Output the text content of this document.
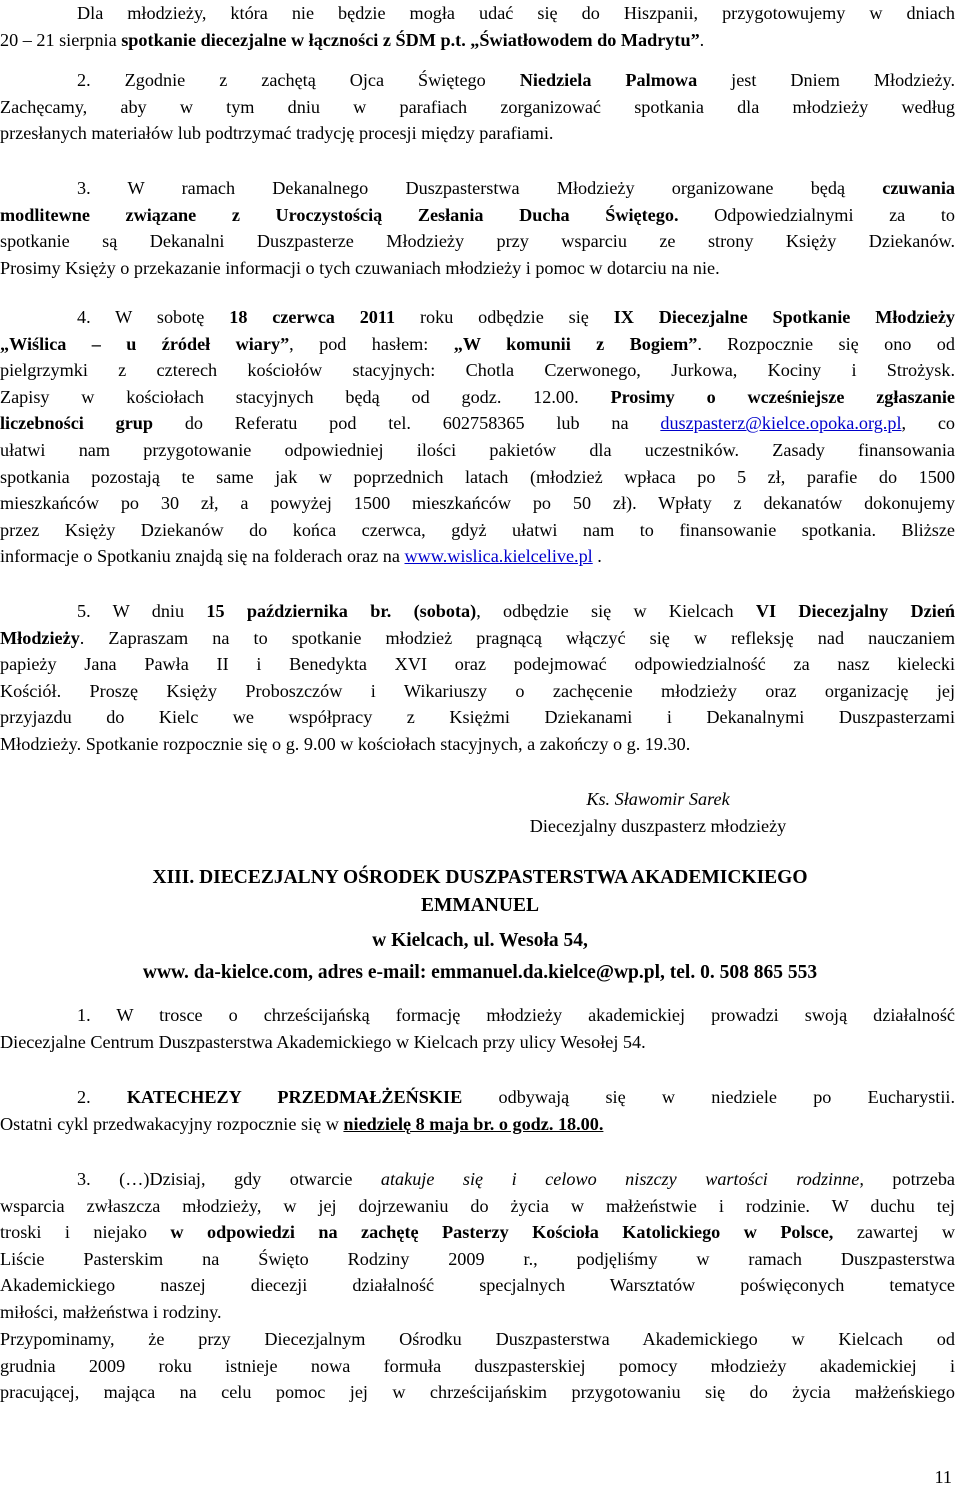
Dla młodzieży, która nie będzie mogła udać się do Hiszpanii, przygotowujemy w dniach
20 – 21 sierpnia spotkanie diecezjalne w łączności z ŚDM p.t. „Światłowodem do Madrytu”.
2. Zgodnie z zachętą Ojca Świętego Niedziela Palmowa jest Dniem Młodzieży.
Zachęcamy, aby w tym dniu w parafiach zorganizować spotkania dla młodzieży według
przesłanych materiałów lub podtrzymać tradycję procesji między parafiami.
3. W ramach Dekanalnego Duszpasterstwa Młodzieży organizowane będą czuwania
modlitewne związane z Uroczystością Zesłania Ducha Świętego. Odpowiedzialnymi za to
spotkanie są Dekanalni Duszpasterze Młodzieży przy wsparciu ze strony Księży Dziekanów.
Prosimy Księży o przekazanie informacji o tych czuwaniach młodzieży i pomoc w dotarciu na nie.
4. W sobotę 18 czerwca 2011 roku odbędzie się IX Diecezjalne Spotkanie Młodzieży
„Wiślica – u źródeł wiary”, pod hasłem: „W komunii z Bogiem”. Rozpocznie się ono od
pielgrzymki z czterech kościołów stacyjnych: Chotla Czerwonego, Jurkowa, Kociny i Strożysk.
Zapisy w kościołach stacyjnych będą od godz. 12.00. Prosimy o wcześniejsze zgłaszanie
liczebności grup do Referatu pod tel. 602758365 lub na duszpasterz@kielce.opoka.org.pl, co
ułatwi nam przygotowanie odpowiedniej ilości pakietów dla uczestników. Zasady finansowania
spotkania pozostają te same jak w poprzednich latach (młodzież wpłaca po 5 zł, parafie do 1500
mieszkańców po 30 zł, a powyżej 1500 mieszkańców po 50 zł). Wpłaty z dekanatów dokonujemy
przez Księży Dziekanów do końca czerwca, gdyż ułatwi nam to finansowanie spotkania. Bliższe
informacje o Spotkaniu znajdą się na folderach oraz na www.wislica.kielcelive.pl .
5. W dniu 15 października br. (sobota), odbędzie się w Kielcach VI Diecezjalny Dzień
Młodzieży. Zapraszam na to spotkanie młodzież pragnącą włączyć się w refleksję nad nauczaniem
papieży Jana Pawła II i Benedykta XVI oraz podejmować odpowiedzialność za nasz kielecki
Kościół. Proszę Księży Proboszczów i Wikariuszy o zachęcenie młodzieży oraz organizację jej
przyjazdu do Kielc we współpracy z Księżmi Dziekanami i Dekanalnymi Duszpasterzami
Młodzieży. Spotkanie rozpocznie się o g. 9.00 w kościołach stacyjnych, a zakończy o g. 19.30.
Ks. Sławomir Sarek
Diecezjalny duszpasterz młodzieży
XIII. DIECEZJALNY OŚRODEK DUSZPASTERSTWA AKADEMICKIEGO
EMMANUEL
w Kielcach, ul. Wesoła 54,
www. da-kielce.com, adres e-mail: emmanuel.da.kielce@wp.pl, tel. 0. 508 865 553
1. W trosce o chrześcijańską formację młodzieży akademickiej prowadzi swoją działalność
Diecezjalne Centrum Duszpasterstwa Akademickiego w Kielcach przy ulicy Wesołej 54.
2. KATECHEZY PRZEDMAŁŻEŃSKIE odbywają się w niedziele po Eucharystii.
Ostatni cykl przedwakacyjny rozpocznie się w niedzielę 8 maja br. o godz. 18.00.
3. (…)Dzisiaj, gdy otwarcie atakuje się i celowo niszczy wartości rodzinne, potrzeba
wsparcia zwłaszcza młodzieży, w jej dojrzewaniu do życia w małżeństwie i rodzinie. W duchu tej
troski i niejako w odpowiedzi na zachętę Pasterzy Kościoła Katolickiego w Polsce, zawartej w
Liście Pasterskim na Święto Rodziny 2009 r., podjęliśmy w ramach Duszpasterstwa
Akademickiego naszej diecezji działalność specjalnych Warsztatów poświęconych tematyce
miłości, małżeństwa i rodziny.
Przypominamy, że przy Diecezjalnym Ośrodku Duszpasterstwa Akademickiego w Kielcach od
grudnia 2009 roku istnieje nowa formuła duszpasterskiej pomocy młodzieży akademickiej i
pracującej, mająca na celu pomoc jej w chrześcijańskim przygotowaniu się do życia małżeńskiego
11
